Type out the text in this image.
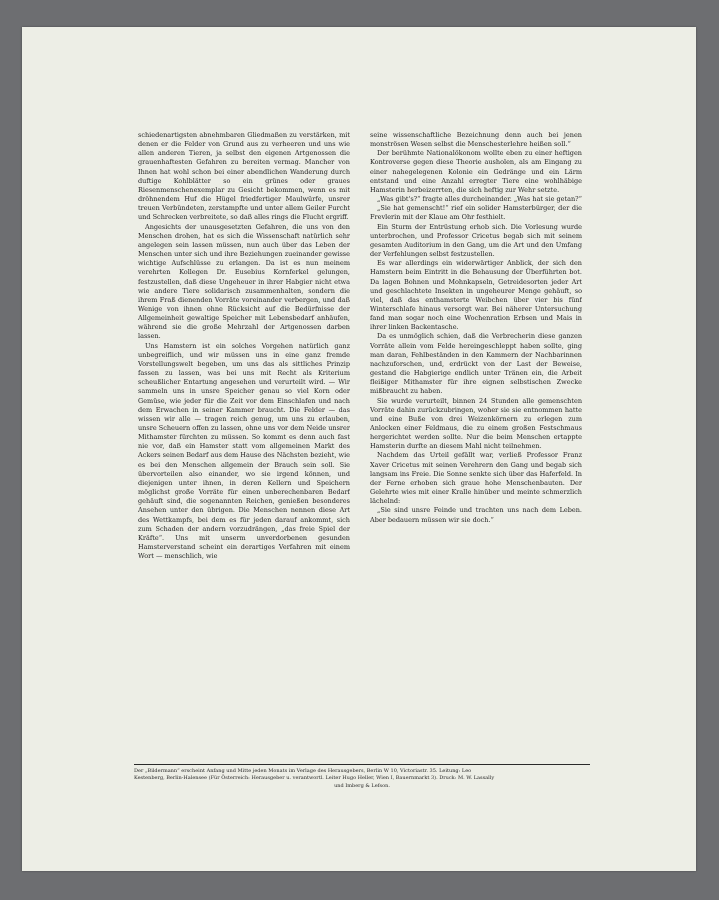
schiedenartigsten abnehmbaren Gliedmaßen zu verstärken, mit denen er die Felder von Grund aus zu verheeren und uns wie allen anderen Tieren, ja selbst den eigenen Artgenossen die grauenhaftesten Gefahren zu bereiten vermag. Mancher von Ihnen hat wohl schon bei einer abendlichen Wanderung durch duftige Kohlblätter so ein grünes oder graues Riesenmenschenexemplar zu Gesicht bekommen, wenn es mit dröhnendem Huf die Hügel friedfertiger Maulwürfe, unsrer treuen Verbündeten, zerstampfte und unter allem Geiler Furcht und Schrecken verbreitete, so daß alles rings die Flucht ergriff.

Angesichts der unausgesetzten Gefahren, die uns von den Menschen drohen, hat es sich die Wissenschaft natürlich sehr angelegen sein lassen müssen, nun auch über das Leben der Menschen unter sich und ihre Beziehungen zueinander gewisse wichtige Aufschlüsse zu erlangen. Da ist es nun meinem verehrten Kollegen Dr. Eusebius Kornferkel gelungen, festzustellen, daß diese Ungeheuer in ihrer Habgier nicht etwa wie andere Tiere solidarisch zusammenhalten, sondern die ihrem Fraß dienenden Vorräte voreinander verbergen, und daß Wenige von ihnen ohne Rücksicht auf die Bedürfnisse der Allgemeinheit gewaltige Speicher mit Lebensbedarf anhäufen, während sie die große Mehrzahl der Artgenossen darben lassen.

Uns Hamstern ist ein solches Vorgehen natürlich ganz unbegreiflich, und wir müssen uns in eine ganz fremde Vorstellungswelt begeben, um uns das als sittliches Prinzip fassen zu lassen, was bei uns mit Recht als Kriterium scheußlicher Entartung angesehen und verurteilt wird. — Wir sammeln uns in unsre Speicher genau so viel Korn oder Gemüse, wie jeder für die Zeit vor dem Einschlafen und nach dem Erwachen in seiner Kammer braucht. Die Felder — das wissen wir alle — tragen reich genug, um uns zu erlauben, unsre Scheuern offen zu lassen, ohne uns vor dem Neide unsrer Mithamster fürchten zu müssen. So kommt es denn auch fast nie vor, daß ein Hamster statt vom allgemeinen Markt des Ackers seinen Bedarf aus dem Hause des Nächsten bezieht, wie es bei den Menschen allgemein der Brauch sein soll. Sie übervorteilen also einander, wo sie irgend können, und diejenigen unter ihnen, in deren Kellern und Speichern möglichst große Vorräte für einen unberechenbaren Bedarf gehäuft sind, die sogenannten Reichen, genießen besonderes Ansehen unter den übrigen. Die Menschen nennen diese Art des Wettkampfs, bei dem es für jeden darauf ankommt, sich zum Schaden der andern vorzudrängen, „das freie Spiel der Kräfte“. Uns mit unserm unverdorbenen gesunden Hamsterverstand scheint ein derartiges Verfahren mit einem Wort — menschlich, wie

seine wissenschaftliche Bezeichnung denn auch bei jenen monströsen Wesen selbst die Menschesterlehre heißen soll.“

Der berühmte Nationalökonom wollte eben zu einer heftigen Kontroverse gegen diese Theorie ausholen, als am Eingang zu einer nahegelegenen Kolonie ein Gedränge und ein Lärm entstand und eine Anzahl erregter Tiere eine wohlhäbige Hamsterin herbeizerrten, die sich heftig zur Wehr setzte.

„Was gibt's?“ fragte alles durcheinander. „Was hat sie getan?“

„Sie hat gemenscht!“ rief ein solider Hamsterbürger, der die Frevlerin mit der Klaue am Ohr festhielt.

Ein Sturm der Entrüstung erhob sich. Die Vorlesung wurde unterbrochen, und Professor Cricetus begab sich mit seinem gesamten Auditorium in den Gang, um die Art und den Umfang der Verfehlungen selbst festzustellen.

Es war allerdings ein widerwärtiger Anblick, der sich den Hamstern beim Eintritt in die Behausung der Überführten bot. Da lagen Bohnen und Mohnkapseln, Getreidesorten jeder Art und geschlachtete Insekten in ungeheurer Menge gehäuft, so viel, daß das enthamsterte Weibchen über vier bis fünf Winterschlafe hinaus versorgt war. Bei näherer Untersuchung fand man sogar noch eine Wochenration Erbsen und Mais in ihrer linken Backentasche.

Da es unmöglich schien, daß die Verbrecherin diese ganzen Vorräte allein vom Felde hereingeschleppt haben sollte, ging man daran, Fehlbeständen in den Kammern der Nachbarinnen nachzuforschen, und, erdrückt von der Last der Beweise, gestand die Habgierige endlich unter Tränen ein, die Arbeit fleißiger Mithamster für ihre eignen selbstischen Zwecke mißbraucht zu haben.

Sie wurde verurteilt, binnen 24 Stunden alle gemenschten Vorräte dahin zurückzubringen, woher sie sie entnommen hatte und eine Buße von drei Weizenkörnern zu erlegen zum Anlocken einer Feldmaus, die zu einem großen Festschmaus hergerichtet werden sollte. Nur die beim Menschen ertappte Hamsterin durfte an diesem Mahl nicht teilnehmen.

Nachdem das Urteil gefällt war, verließ Professor Franz Xaver Cricetus mit seinen Verehrern den Gang und begab sich langsam ins Freie. Die Sonne senkte sich über das Haferfeld. In der Ferne erhoben sich graue hohe Menschenbauten. Der Gelehrte wies mit einer Kralle hinüber und meinte schmerzlich lächelnd:

„Sie sind unsre Feinde und trachten uns nach dem Leben. Aber bedauern müssen wir sie doch.“

Der „Bildermann“ erscheint Anfang und Mitte jeden Monats im Verlage des Herausgebers, Berlin W 10, Victoriastr. 35. Leitung: Leo
Kestenberg, Berlin-Halensee (Für Österreich: Herausgeber u. verantwortl. Leiter Hugo Heller, Wien I, Bauernmarkt 3). Druck: M. W. Lassally
und Imberg & Lefson.
